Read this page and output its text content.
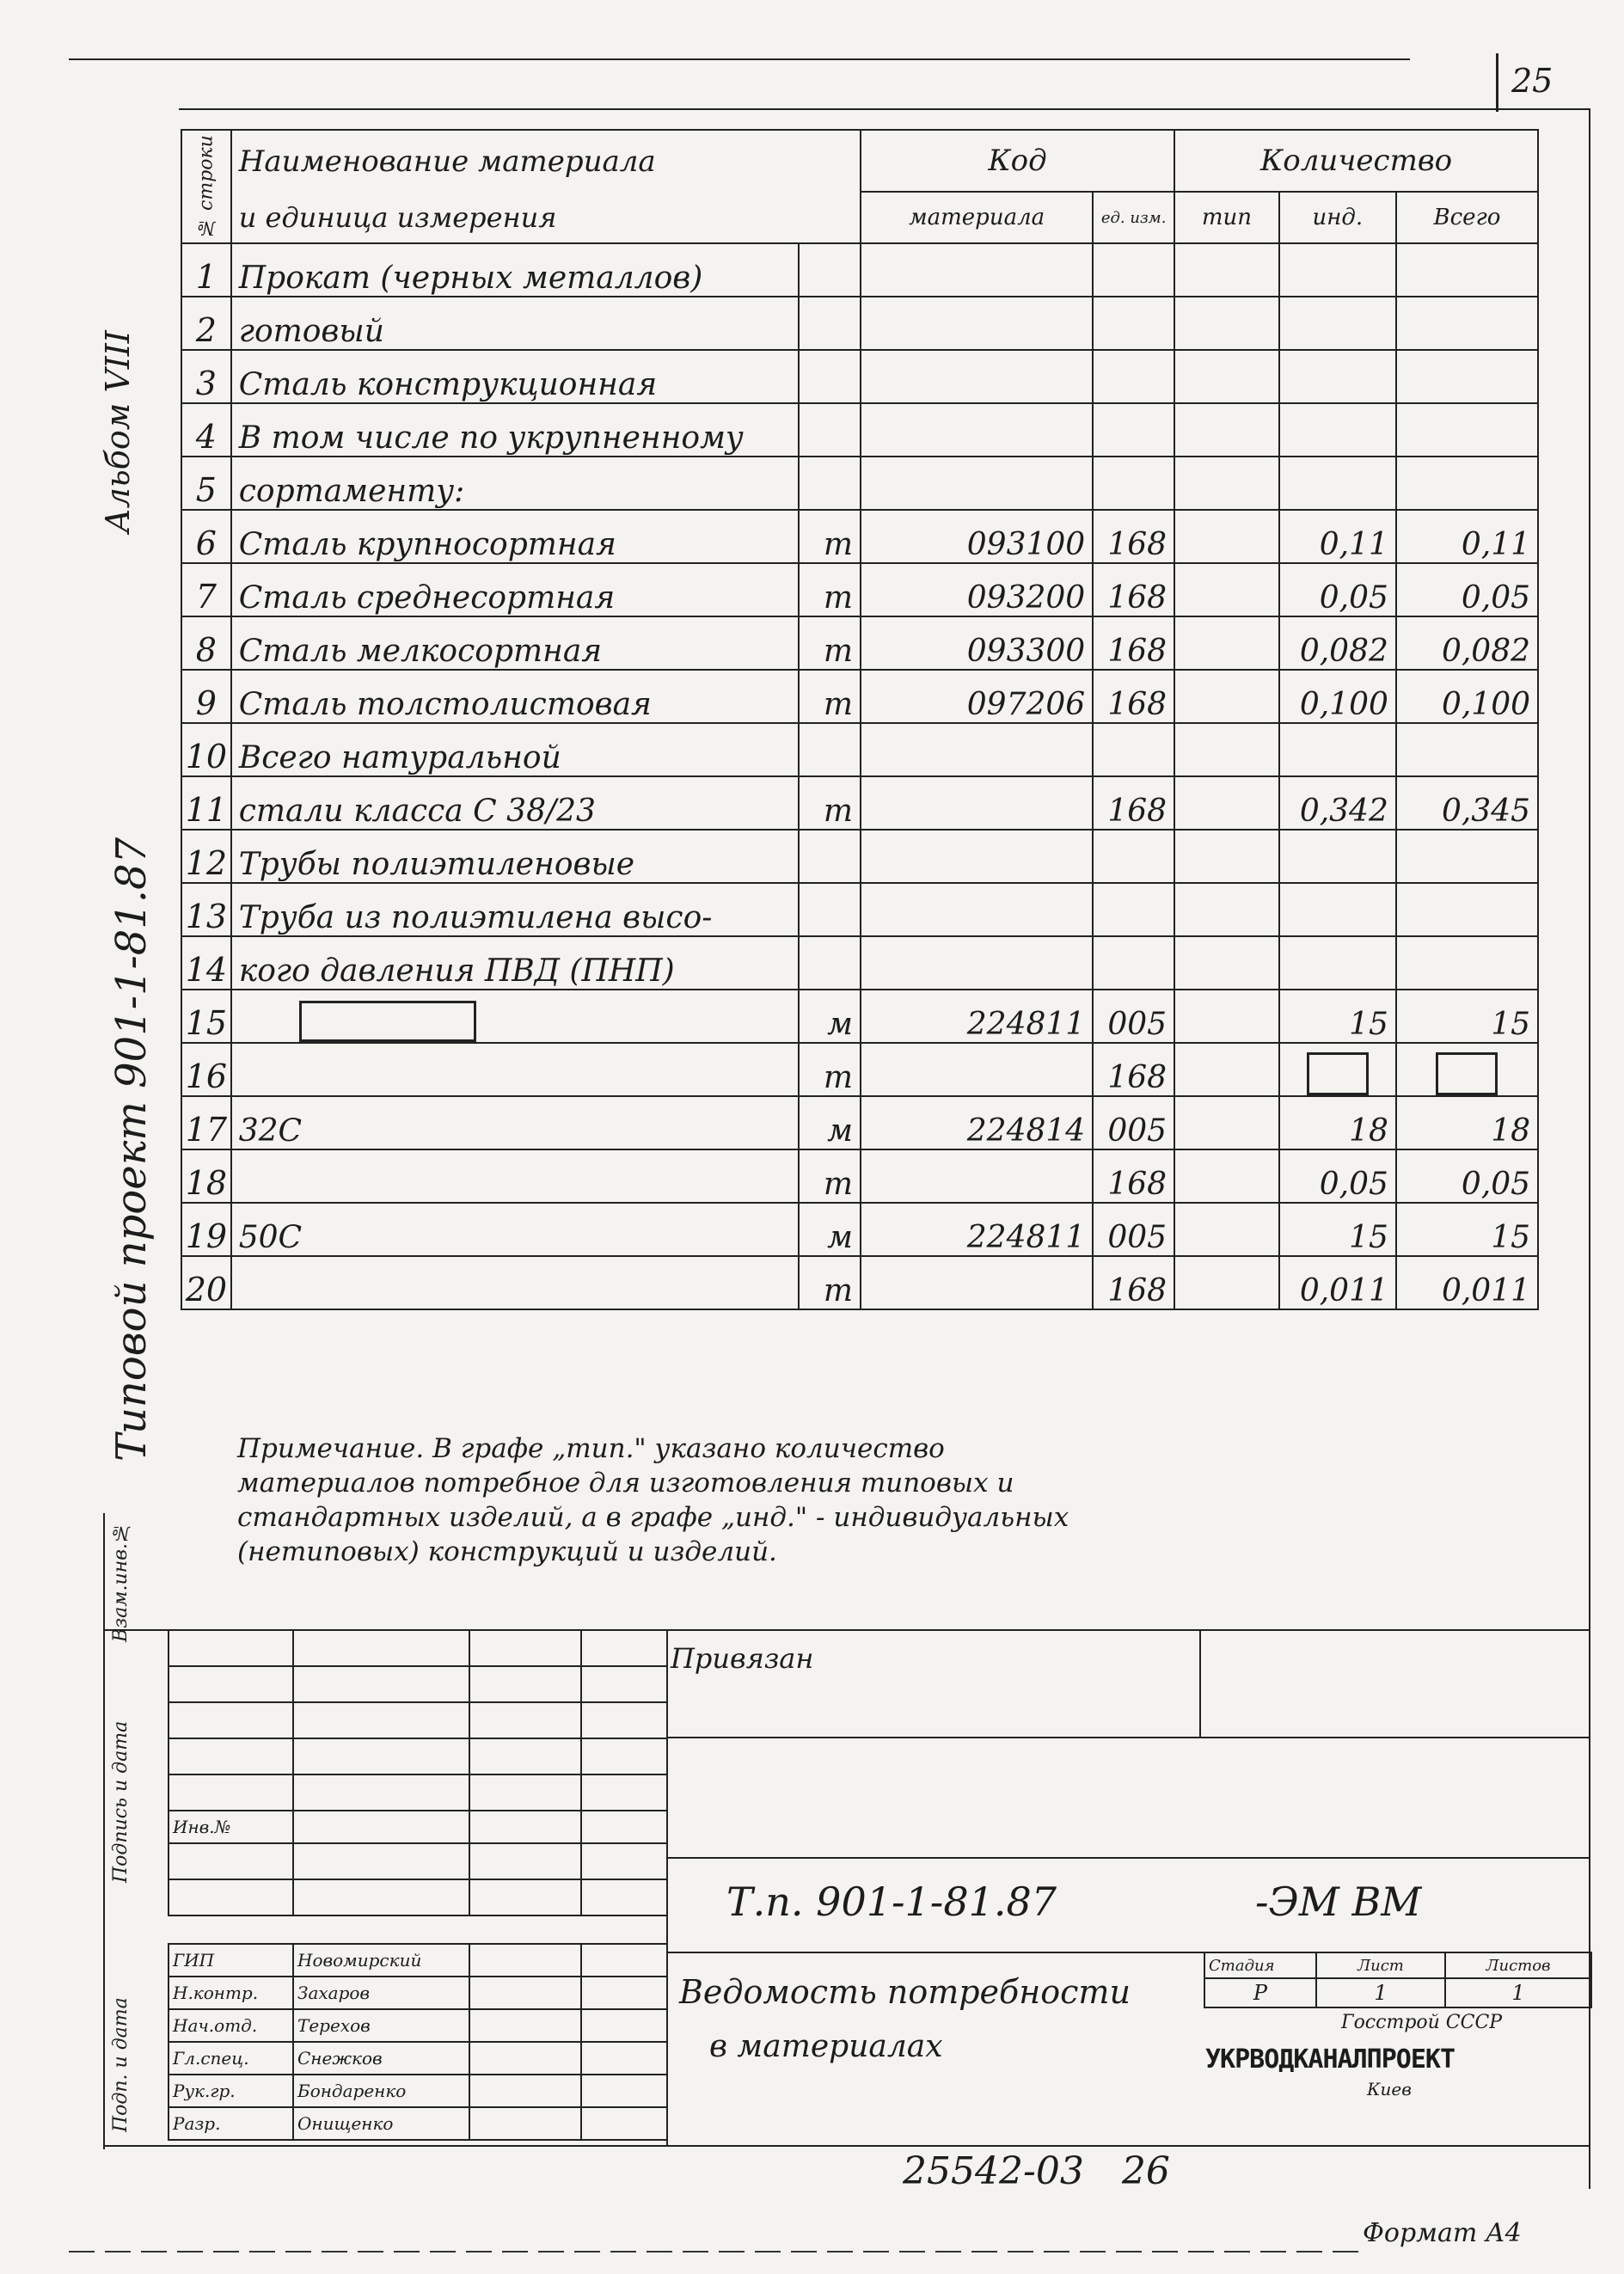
25
Альбом VIII
Типовой проект 901-1-81.87
№ строки	Наименование материала		Код		Количество		
	и единица измерения		материала	ед. изм.	тип	инд.	Всего
1	Прокат (черных металлов)						
2	готовый						
3	Сталь конструкционная						
4	В том числе по укрупненному						
5	сортаменту:						
6	Сталь крупносортная	т	093100	168		0,11	0,11
7	Сталь среднесортная	т	093200	168		0,05	0,05
8	Сталь мелкосортная	т	093300	168		0,082	0,082
9	Сталь толстолистовая	т	097206	168		0,100	0,100
10	Всего натуральной						
11	стали класса С 38/23	т		168		0,342	0,345
12	Трубы полиэтиленовые						
13	Труба из полиэтилена высо-						
14	кого давления ПВД (ПНП)						
15		м	224811	005		15	15
16		т		168			
17	32С	м	224814	005		18	18
18		т		168		0,05	0,05
19	50С	м	224811	005		15	15
20		т		168		0,011	0,011
Примечание. В графе „тип." указано количество
материалов потребное для изготовления типовых и
стандартных изделий, а в графе „инд." - индивидуальных
(нетиповых) конструкций и изделий.
Взам.инв.№
Подпись и дата
Подп. и дата

Инв.№			

ГИП	Новомирский		
Н.контр.	Захаров		
Нач.отд.	Терехов		
Гл.спец.	Снежков		
Рук.гр.	Бондаренко		
Разр.	Онищенко		
Привязан
Т.п. 901-1-81.87	-ЭМ ВМ
Ведомость потребности
в материалах
Стадия	Лист	Листов
Р	1	1
Госстрой СССР
УКРВОДКАНАЛПРОЕКТ
Киев
25542-03 26
Формат А4
